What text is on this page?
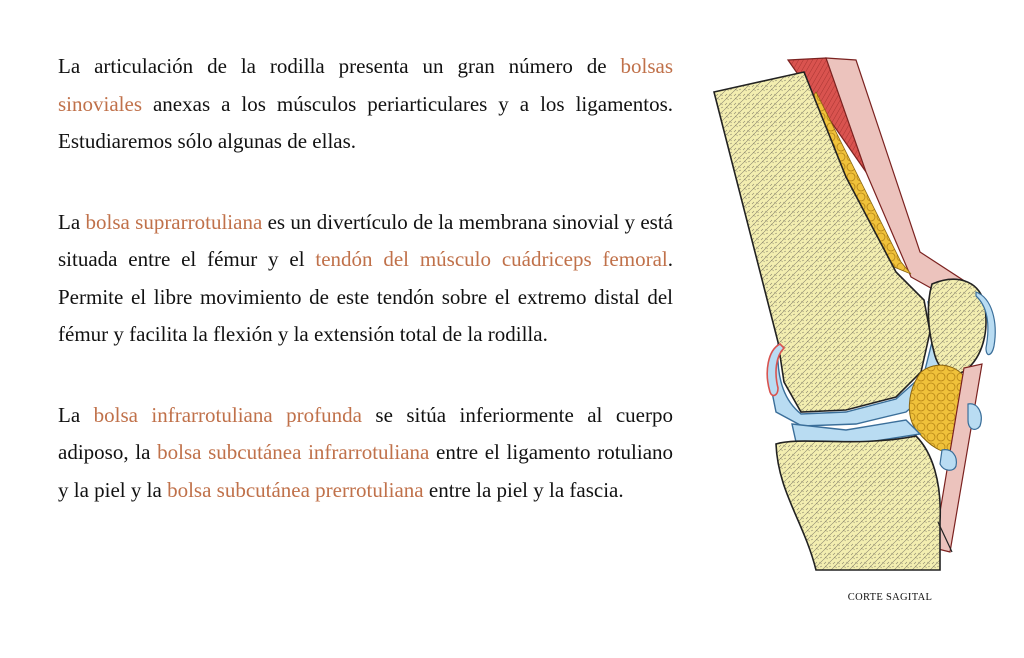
La articulación de la rodilla presenta un gran número de bolsas sinoviales anexas a los músculos periarticulares y a los ligamentos. Estudiaremos sólo algunas de ellas.

La bolsa suprarrotuliana es un divertículo de la membrana sinovial y está situada entre el fémur y el tendón del músculo cuádriceps femoral. Permite el libre movimiento de este tendón sobre el extremo distal del fémur y facilita la flexión y la extensión total de la rodilla.

La bolsa infrarrotuliana profunda se sitúa inferiormente al cuerpo adiposo, la bolsa subcutánea infrarrotuliana entre el ligamento rotuliano y la piel y la bolsa subcutánea prerrotuliana entre la piel y la fascia.

CORTE SAGITAL
